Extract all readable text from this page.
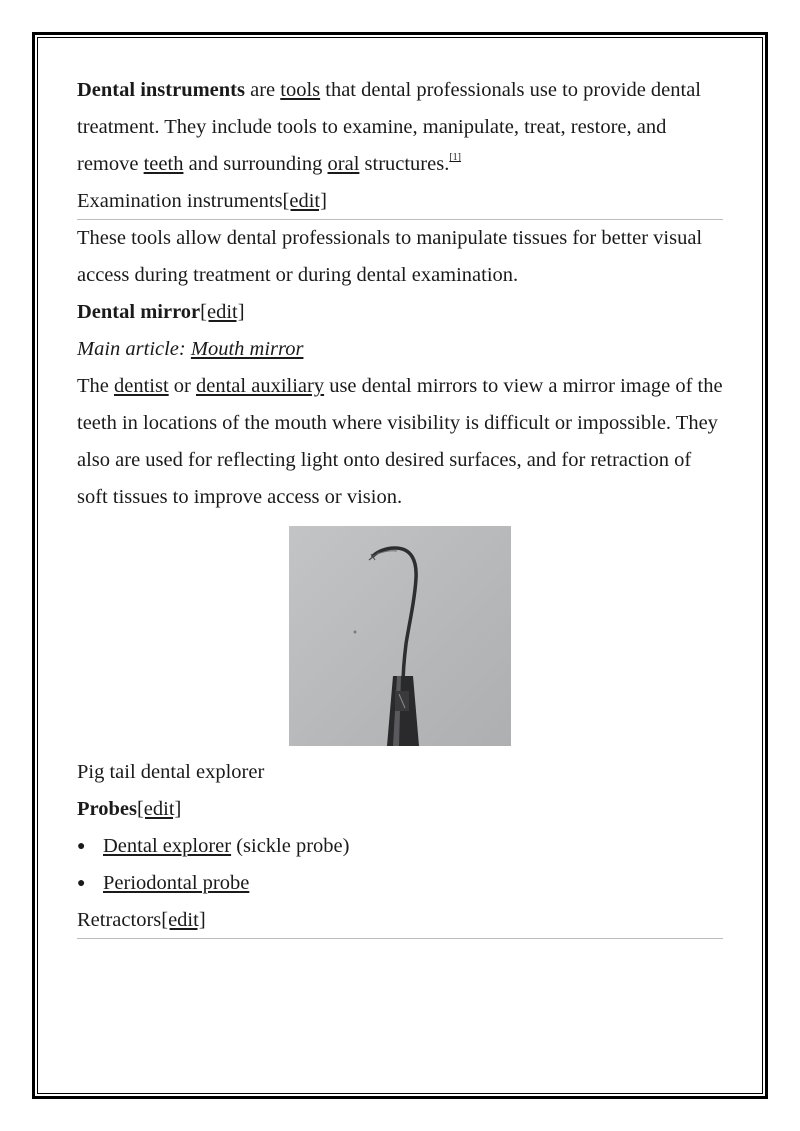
Dental instruments are tools that dental professionals use to provide dental treatment. They include tools to examine, manipulate, treat, restore, and remove teeth and surrounding oral structures.[1]

Examination instruments[edit]

These tools allow dental professionals to manipulate tissues for better visual access during treatment or during dental examination.

Dental mirror[edit]

Main article: Mouth mirror

The dentist or dental auxiliary use dental mirrors to view a mirror image of the teeth in locations of the mouth where visibility is difficult or impossible. They also are used for reflecting light onto desired surfaces, and for retraction of soft tissues to improve access or vision.

Pig tail dental explorer

Probes[edit]

● Dental explorer (sickle probe)
● Periodontal probe

Retractors[edit]
